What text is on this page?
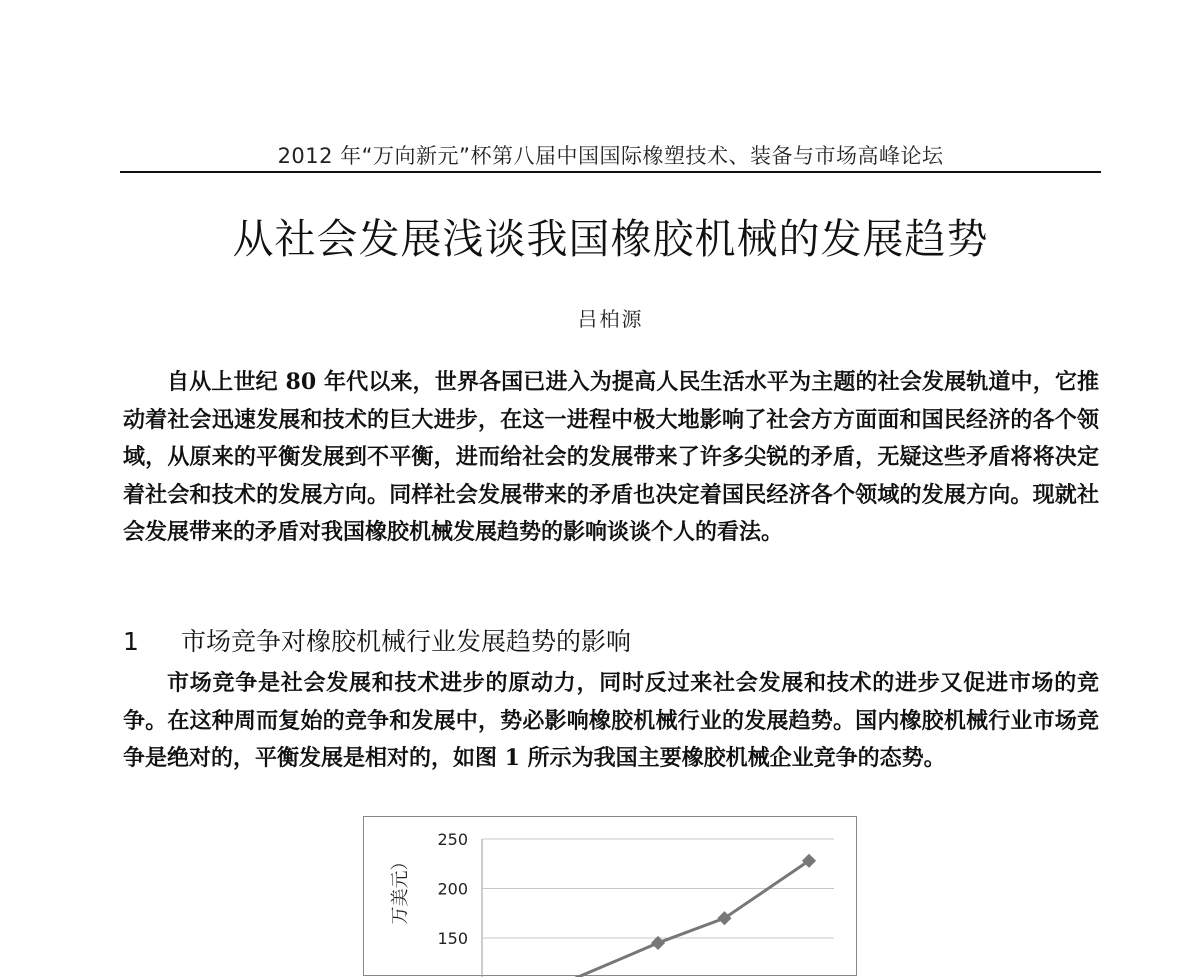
2012 年“万向新元”杯第八届中国国际橡塑技术、装备与市场高峰论坛
从社会发展浅谈我国橡胶机械的发展趋势
吕柏源

自从上世纪 80 年代以来，世界各国已进入为提高人民生活水平为主题的社会发展轨道中，它推动着社会迅速发展和技术的巨大进步，在这一进程中极大地影响了社会方方面面和国民经济的各个领域，从原来的平衡发展到不平衡，进而给社会的发展带来了许多尖锐的矛盾，无疑这些矛盾将将决定着社会和技术的发展方向。同样社会发展带来的矛盾也决定着国民经济各个领域的发展方向。现就社会发展带来的矛盾对我国橡胶机械发展趋势的影响谈谈个人的看法。

1 市场竞争对橡胶机械行业发展趋势的影响

市场竞争是社会发展和技术进步的原动力，同时反过来社会发展和技术的进步又促进市场的竞争。在这种周而复始的竞争和发展中，势必影响橡胶机械行业的发展趋势。国内橡胶机械行业市场竞争是绝对的，平衡发展是相对的，如图 1 所示为我国主要橡胶机械企业竞争的态势。

250
200
150
万美元）
